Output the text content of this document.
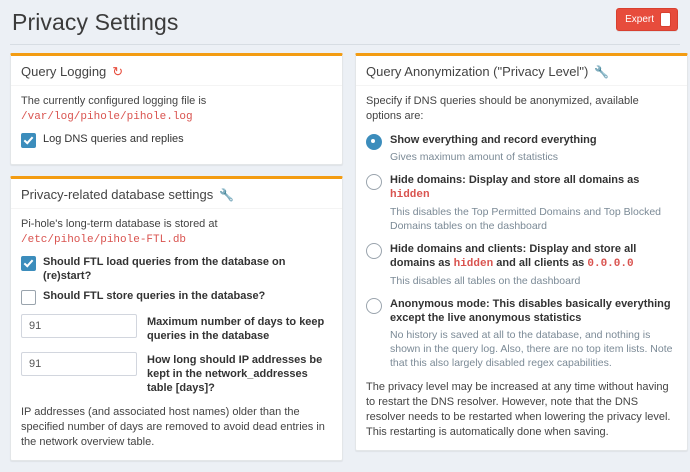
Privacy Settings	Expert
Query Logging ↻

The currently configured logging file is /var/log/pihole/pihole.log

Log DNS queries and replies
Privacy-related database settings 🔧

Pi-hole's long-term database is stored at /etc/pihole/pihole-FTL.db

Should FTL load queries from the database on (re)start?
Should FTL store queries in the database?
91
Maximum number of days to keep queries in the database
91
How long should IP addresses be kept in the network_addresses table [days]?
IP addresses (and associated host names) older than the specified number of days are removed to avoid dead entries in the network overview table.
Query Anonymization ("Privacy Level") 🔧

Specify if DNS queries should be anonymized, available options are:

Show everything and record everything
Gives maximum amount of statistics
Hide domains: Display and store all domains as hidden
This disables the Top Permitted Domains and Top Blocked Domains tables on the dashboard
Hide domains and clients: Display and store all domains as hidden and all clients as 0.0.0.0
This disables all tables on the dashboard
Anonymous mode: This disables basically everything except the live anonymous statistics
No history is saved at all to the database, and nothing is shown in the query log. Also, there are no top item lists. Note that this also largely disabled regex capabilities.
The privacy level may be increased at any time without having to restart the DNS resolver. However, note that the DNS resolver needs to be restarted when lowering the privacy level. This restarting is automatically done when saving.
